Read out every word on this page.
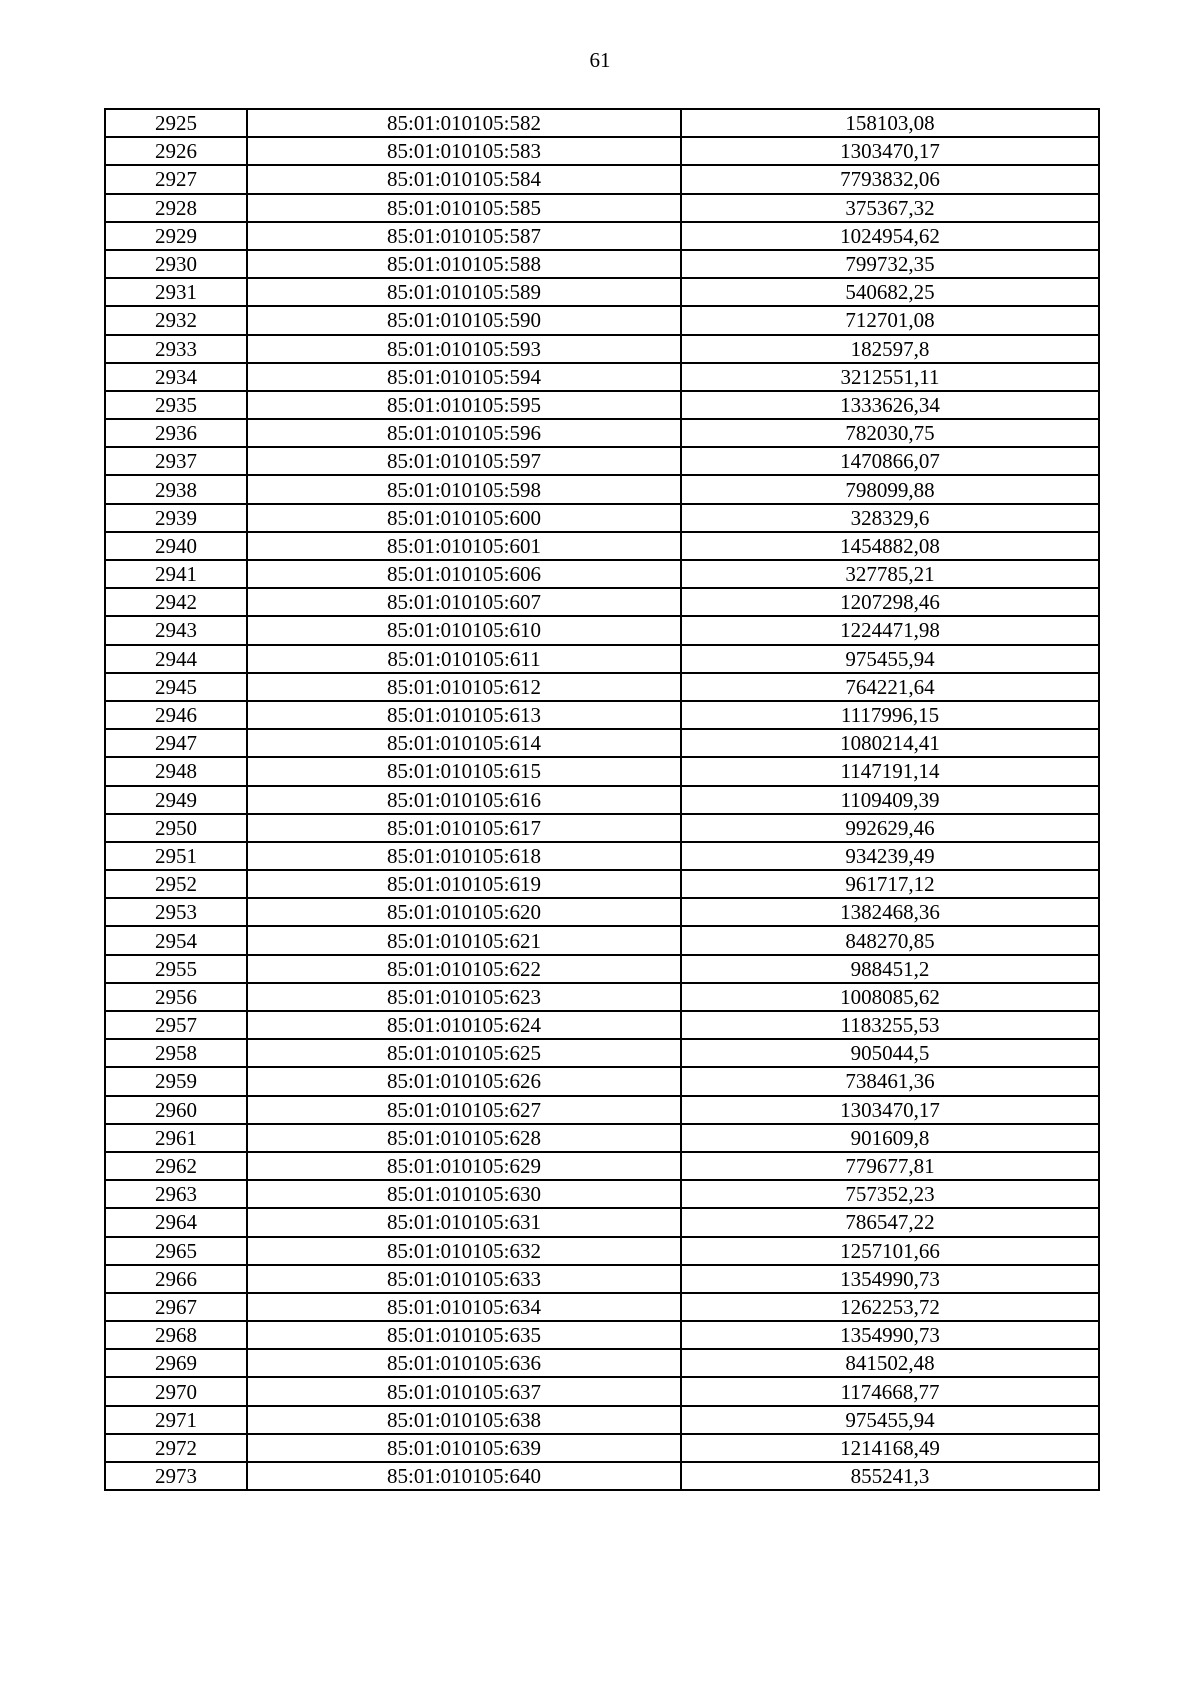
61
2925	85:01:010105:582	158103,08
2926	85:01:010105:583	1303470,17
2927	85:01:010105:584	7793832,06
2928	85:01:010105:585	375367,32
2929	85:01:010105:587	1024954,62
2930	85:01:010105:588	799732,35
2931	85:01:010105:589	540682,25
2932	85:01:010105:590	712701,08
2933	85:01:010105:593	182597,8
2934	85:01:010105:594	3212551,11
2935	85:01:010105:595	1333626,34
2936	85:01:010105:596	782030,75
2937	85:01:010105:597	1470866,07
2938	85:01:010105:598	798099,88
2939	85:01:010105:600	328329,6
2940	85:01:010105:601	1454882,08
2941	85:01:010105:606	327785,21
2942	85:01:010105:607	1207298,46
2943	85:01:010105:610	1224471,98
2944	85:01:010105:611	975455,94
2945	85:01:010105:612	764221,64
2946	85:01:010105:613	1117996,15
2947	85:01:010105:614	1080214,41
2948	85:01:010105:615	1147191,14
2949	85:01:010105:616	1109409,39
2950	85:01:010105:617	992629,46
2951	85:01:010105:618	934239,49
2952	85:01:010105:619	961717,12
2953	85:01:010105:620	1382468,36
2954	85:01:010105:621	848270,85
2955	85:01:010105:622	988451,2
2956	85:01:010105:623	1008085,62
2957	85:01:010105:624	1183255,53
2958	85:01:010105:625	905044,5
2959	85:01:010105:626	738461,36
2960	85:01:010105:627	1303470,17
2961	85:01:010105:628	901609,8
2962	85:01:010105:629	779677,81
2963	85:01:010105:630	757352,23
2964	85:01:010105:631	786547,22
2965	85:01:010105:632	1257101,66
2966	85:01:010105:633	1354990,73
2967	85:01:010105:634	1262253,72
2968	85:01:010105:635	1354990,73
2969	85:01:010105:636	841502,48
2970	85:01:010105:637	1174668,77
2971	85:01:010105:638	975455,94
2972	85:01:010105:639	1214168,49
2973	85:01:010105:640	855241,3
